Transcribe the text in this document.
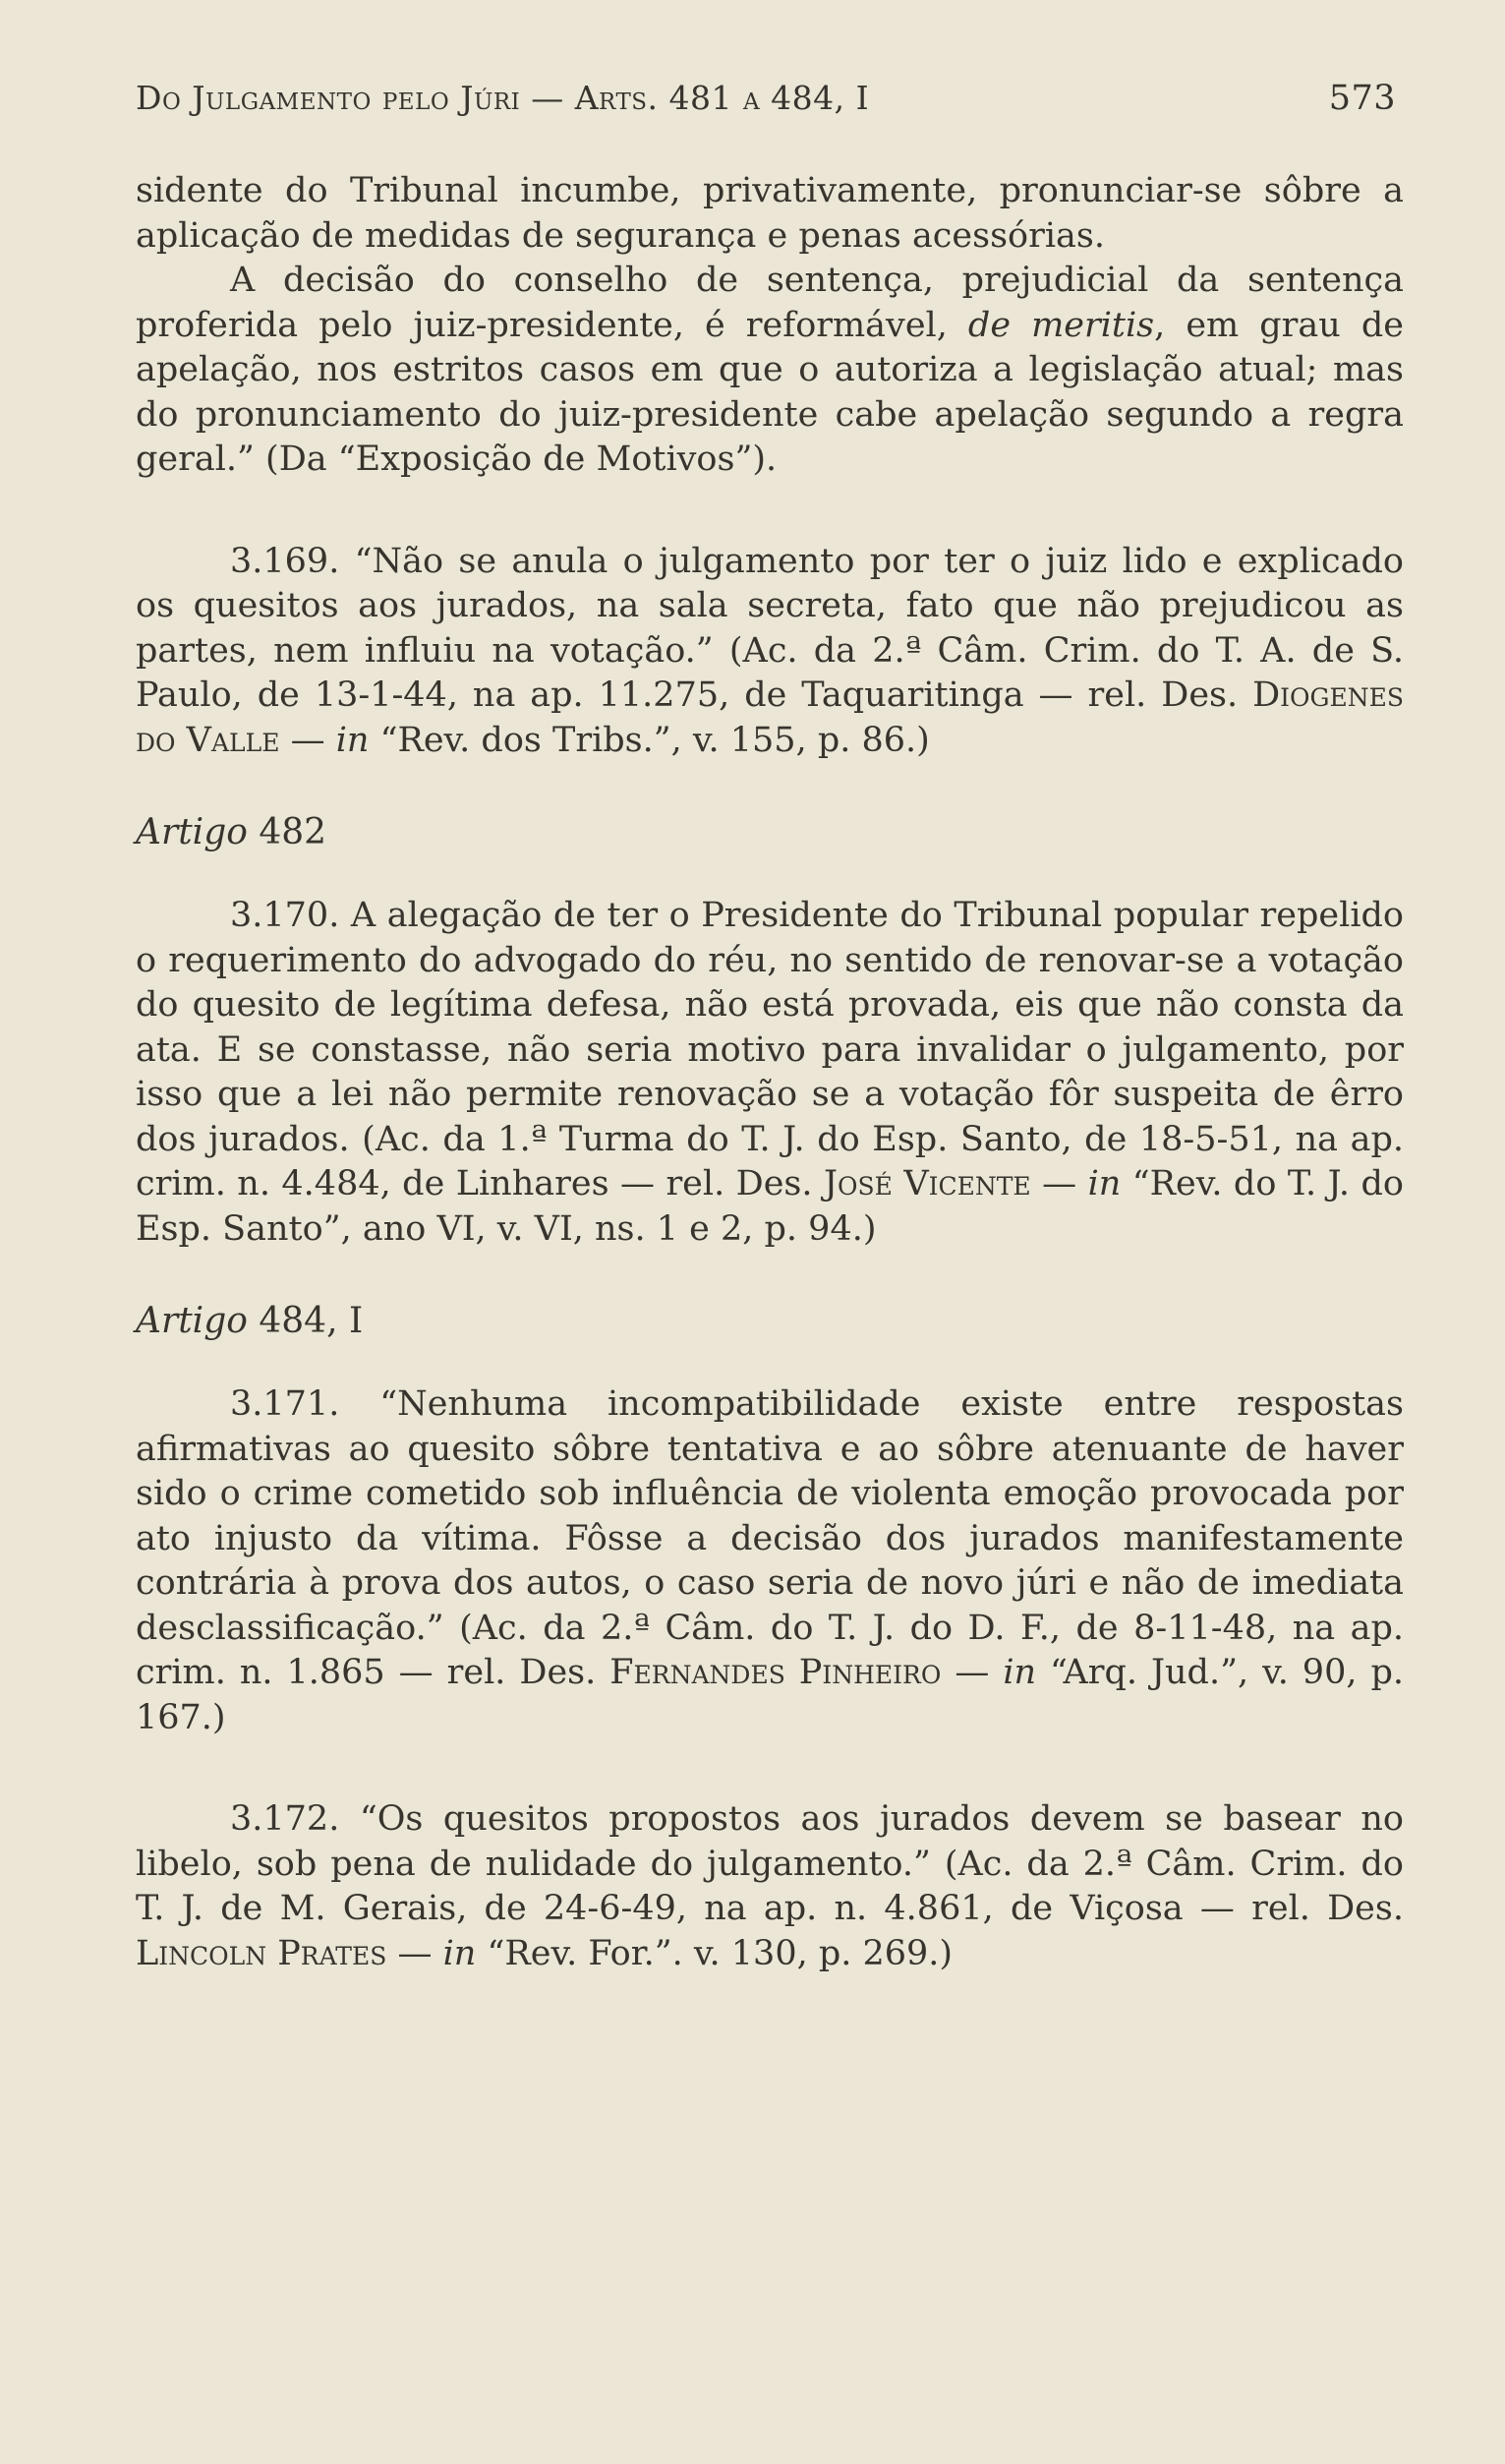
Do Julgamento pelo Júri — Arts. 481 a 484, I	573

sidente do Tribunal incumbe, privativamente, pronunciar-se sôbre a aplicação de medidas de segurança e penas acessórias.

A decisão do conselho de sentença, prejudicial da sentença proferida pelo juiz-presidente, é reformável, de meritis, em grau de apelação, nos estritos casos em que o autoriza a legislação atual; mas do pronunciamento do juiz-presidente cabe apelação segundo a regra geral.” (Da “Exposição de Motivos”).

3.169. “Não se anula o julgamento por ter o juiz lido e explicado os quesitos aos jurados, na sala secreta, fato que não prejudicou as partes, nem influiu na votação.” (Ac. da 2.ª Câm. Crim. do T. A. de S. Paulo, de 13-1-44, na ap. 11.275, de Taquaritinga — rel. Des. Diogenes do Valle — in “Rev. dos Tribs.”, v. 155, p. 86.)

Artigo 482

3.170. A alegação de ter o Presidente do Tribunal popular repelido o requerimento do advogado do réu, no sentido de renovar-se a votação do quesito de legítima defesa, não está provada, eis que não consta da ata. E se constasse, não seria motivo para invalidar o julgamento, por isso que a lei não permite renovação se a votação fôr suspeita de êrro dos jurados. (Ac. da 1.ª Turma do T. J. do Esp. Santo, de 18-5-51, na ap. crim. n. 4.484, de Linhares — rel. Des. José Vicente — in “Rev. do T. J. do Esp. Santo”, ano VI, v. VI, ns. 1 e 2, p. 94.)

Artigo 484, I

3.171. “Nenhuma incompatibilidade existe entre respostas afirmativas ao quesito sôbre tentativa e ao sôbre atenuante de haver sido o crime cometido sob influência de violenta emoção provocada por ato injusto da vítima. Fôsse a decisão dos jurados manifestamente contrária à prova dos autos, o caso seria de novo júri e não de imediata desclassificação.” (Ac. da 2.ª Câm. do T. J. do D. F., de 8-11-48, na ap. crim. n. 1.865 — rel. Des. Fernandes Pinheiro — in “Arq. Jud.”, v. 90, p. 167.)

3.172. “Os quesitos propostos aos jurados devem se basear no libelo, sob pena de nulidade do julgamento.” (Ac. da 2.ª Câm. Crim. do T. J. de M. Gerais, de 24-6-49, na ap. n. 4.861, de Viçosa — rel. Des. Lincoln Prates — in “Rev. For.”. v. 130, p. 269.)
